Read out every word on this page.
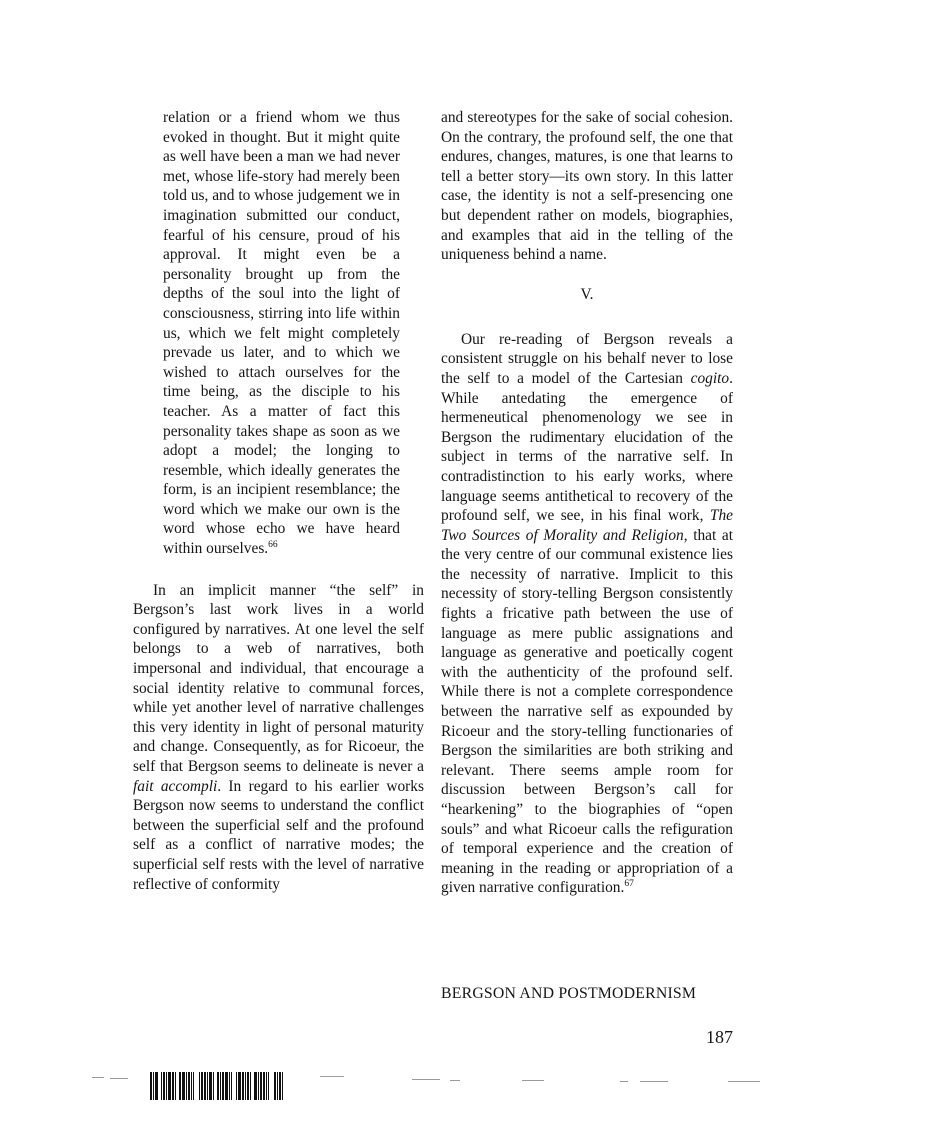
relation or a friend whom we thus evoked in thought. But it might quite as well have been a man we had never met, whose life-story had merely been told us, and to whose judgement we in imagination submitted our conduct, fearful of his censure, proud of his approval. It might even be a personality brought up from the depths of the soul into the light of consciousness, stirring into life within us, which we felt might completely prevade us later, and to which we wished to attach ourselves for the time being, as the disciple to his teacher. As a matter of fact this personality takes shape as soon as we adopt a model; the longing to resemble, which ideally generates the form, is an incipient resemblance; the word which we make our own is the word whose echo we have heard within ourselves.$^{66}$

In an implicit manner “the self” in Bergson’s last work lives in a world configured by narratives. At one level the self belongs to a web of narratives, both impersonal and individual, that encourage a social identity relative to communal forces, while yet another level of narrative challenges this very identity in light of personal maturity and change. Consequently, as for Ricoeur, the self that Bergson seems to delineate is never a fait accompli. In regard to his earlier works Bergson now seems to understand the conflict between the superficial self and the profound self as a conflict of narrative modes; the superficial self rests with the level of narrative reflective of conformity

and stereotypes for the sake of social cohesion. On the contrary, the profound self, the one that endures, changes, matures, is one that learns to tell a better story—its own story. In this latter case, the identity is not a self-presencing one but dependent rather on models, biographies, and examples that aid in the telling of the uniqueness behind a name.

V.

Our re-reading of Bergson reveals a consistent struggle on his behalf never to lose the self to a model of the Cartesian cogito. While antedating the emergence of hermeneutical phenomenology we see in Bergson the rudimentary elucidation of the subject in terms of the narrative self. In contradistinction to his early works, where language seems antithetical to recovery of the profound self, we see, in his final work, The Two Sources of Morality and Religion, that at the very centre of our communal existence lies the necessity of narrative. Implicit to this necessity of story-telling Bergson consistently fights a fricative path between the use of language as mere public assignations and language as generative and poetically cogent with the authenticity of the profound self. While there is not a complete correspondence between the narrative self as expounded by Ricoeur and the story-telling functionaries of Bergson the similarities are both striking and relevant. There seems ample room for discussion between Bergson’s call for “hearkening” to the biographies of “open souls” and what Ricoeur calls the refiguration of temporal experience and the creation of meaning in the reading or appropriation of a given narrative configuration.$^{67}$

BERGSON AND POSTMODERNISM
187
